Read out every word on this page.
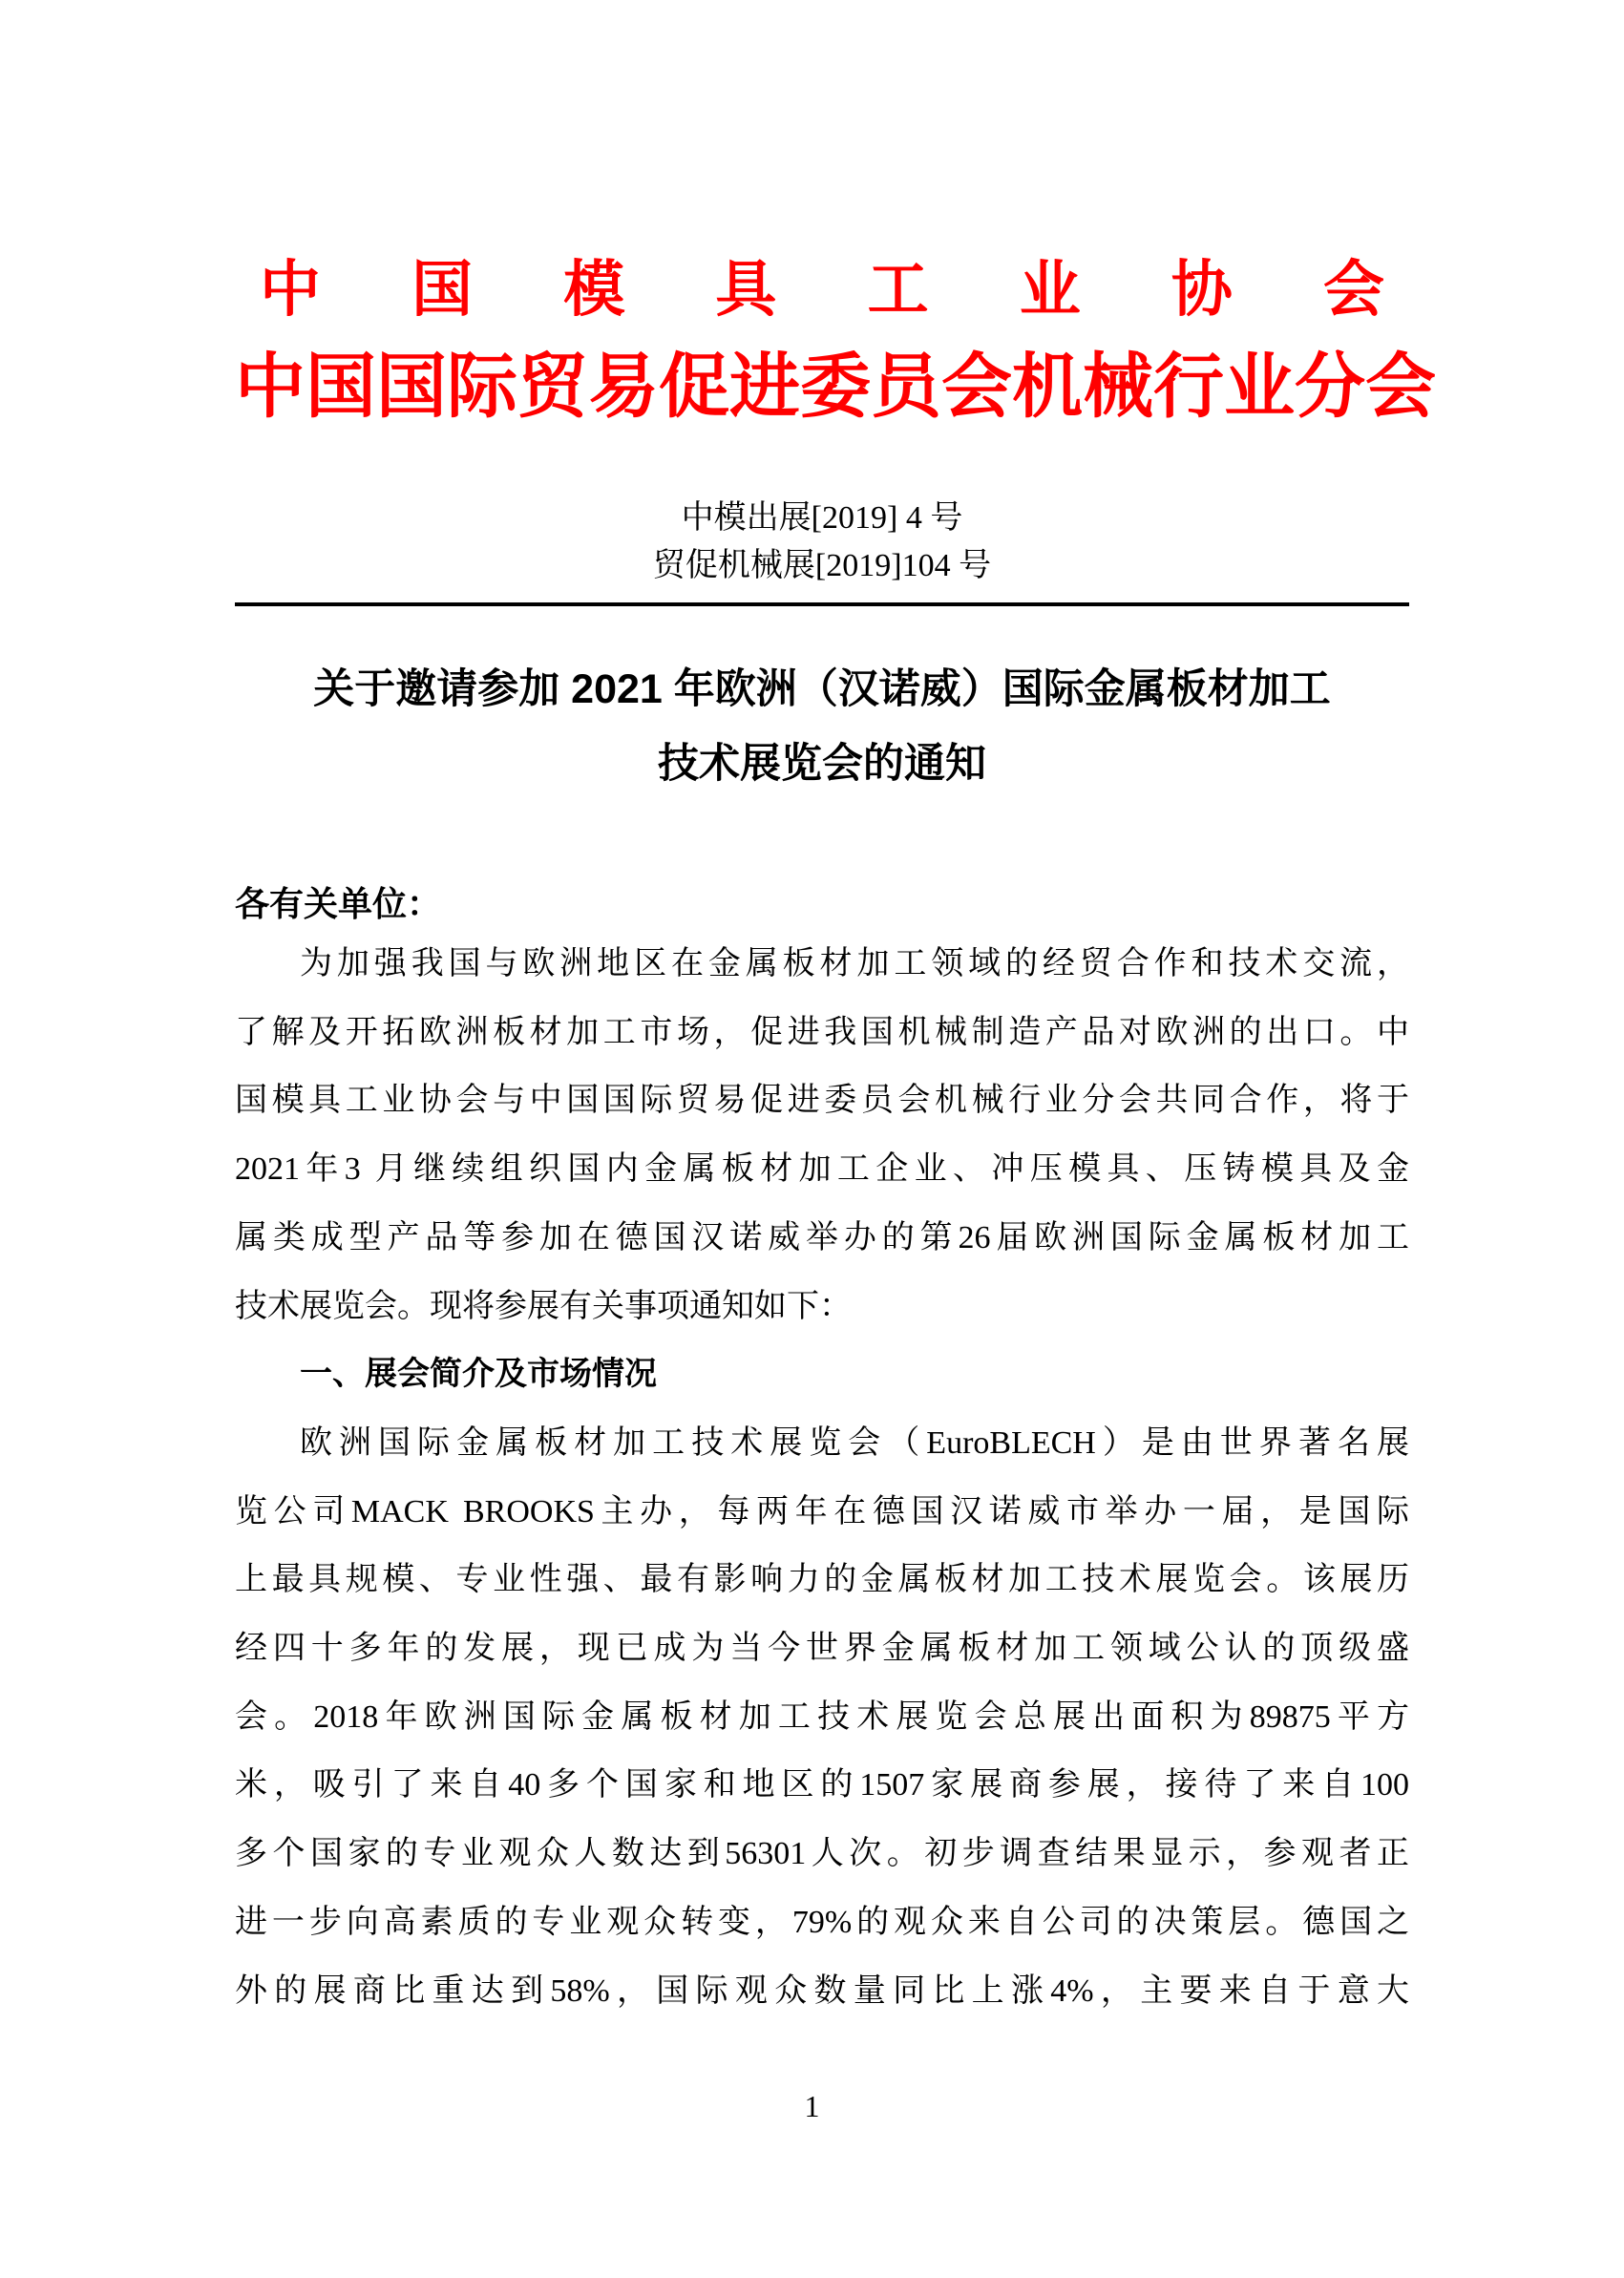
中 国 模 具 工 业 协 会
中国国际贸易促进委员会机械行业分会
中模出展[2019] 4 号
贸促机械展[2019]104 号
关于邀请参加 2021 年欧洲（汉诺威）国际金属板材加工
技术展览会的通知
各有关单位：
为加强我国与欧洲地区在金属板材加工领域的经贸合作和技术交流，
了解及开拓欧洲板材加工市场，促进我国机械制造产品对欧洲的出口。中
国模具工业协会与中国国际贸易促进委员会机械行业分会共同合作，将于
2021年3 月继续组织国内金属板材加工企业、冲压模具、压铸模具及金
属类成型产品等参加在德国汉诺威举办的第26届欧洲国际金属板材加工
技术展览会。现将参展有关事项通知如下：
一、展会简介及市场情况
欧洲国际金属板材加工技术展览会（EuroBLECH）是由世界著名展
览公司MACK BROOKS主办，每两年在德国汉诺威市举办一届，是国际
上最具规模、专业性强、最有影响力的金属板材加工技术展览会。该展历
经四十多年的发展，现已成为当今世界金属板材加工领域公认的顶级盛
会。2018年欧洲国际金属板材加工技术展览会总展出面积为89875平方
米，吸引了来自40多个国家和地区的1507家展商参展，接待了来自100
多个国家的专业观众人数达到56301人次。初步调查结果显示，参观者正
进一步向高素质的专业观众转变，79%的观众来自公司的决策层。德国之
外的展商比重达到58%，国际观众数量同比上涨4%，主要来自于意大
1
